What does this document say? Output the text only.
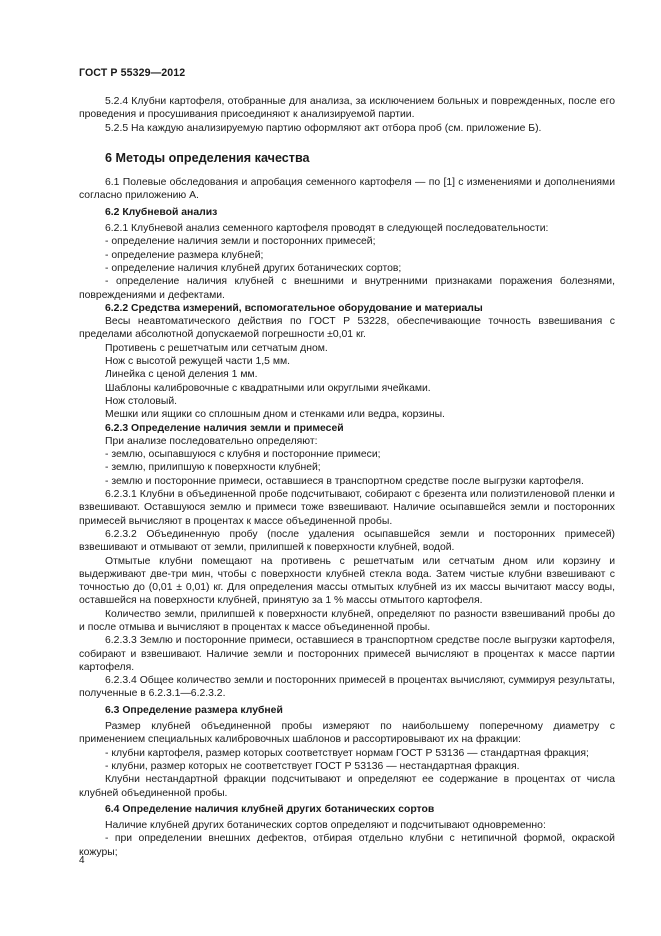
ГОСТ Р 55329—2012

5.2.4 Клубни картофеля, отобранные для анализа, за исключением больных и поврежденных, после его проведения и просушивания присоединяют к анализируемой партии.

5.2.5 На каждую анализируемую партию оформляют акт отбора проб (см. приложение Б).

6 Методы определения качества

6.1 Полевые обследования и апробация семенного картофеля — по [1] с изменениями и дополнениями согласно приложению А.

6.2 Клубневой анализ

6.2.1 Клубневой анализ семенного картофеля проводят в следующей последовательности:

- определение наличия земли и посторонних примесей;

- определение размера клубней;

- определение наличия клубней других ботанических сортов;

- определение наличия клубней с внешними и внутренними признаками поражения болезнями, повреждениями и дефектами.

6.2.2 Средства измерений, вспомогательное оборудование и материалы

Весы неавтоматического действия по ГОСТ Р 53228, обеспечивающие точность взвешивания с пределами абсолютной допускаемой погрешности ±0,01 кг.

Противень с решетчатым или сетчатым дном.

Нож с высотой режущей части 1,5 мм.

Линейка с ценой деления 1 мм.

Шаблоны калибровочные с квадратными или округлыми ячейками.

Нож столовый.

Мешки или ящики со сплошным дном и стенками или ведра, корзины.

6.2.3 Определение наличия земли и примесей

При анализе последовательно определяют:

- землю, осыпавшуюся с клубня и посторонние примеси;

- землю, прилипшую к поверхности клубней;

- землю и посторонние примеси, оставшиеся в транспортном средстве после выгрузки картофеля.

6.2.3.1 Клубни в объединенной пробе подсчитывают, собирают с брезента или полиэтиленовой пленки и взвешивают. Оставшуюся землю и примеси тоже взвешивают. Наличие осыпавшейся земли и посторонних примесей вычисляют в процентах к массе объединенной пробы.

6.2.3.2 Объединенную пробу (после удаления осыпавшейся земли и посторонних примесей) взвешивают и отмывают от земли, прилипшей к поверхности клубней, водой.

Отмытые клубни помещают на противень с решетчатым или сетчатым дном или корзину и выдерживают две-три мин, чтобы с поверхности клубней стекла вода. Затем чистые клубни взвешивают с точностью до (0,01 ± 0,01) кг. Для определения массы отмытых клубней из их массы вычитают массу воды, оставшейся на поверхности клубней, принятую за 1 % массы отмытого картофеля.

Количество земли, прилипшей к поверхности клубней, определяют по разности взвешиваний пробы до и после отмыва и вычисляют в процентах к массе объединенной пробы.

6.2.3.3 Землю и посторонние примеси, оставшиеся в транспортном средстве после выгрузки картофеля, собирают и взвешивают. Наличие земли и посторонних примесей вычисляют в процентах к массе партии картофеля.

6.2.3.4 Общее количество земли и посторонних примесей в процентах вычисляют, суммируя результаты, полученные в 6.2.3.1—6.2.3.2.

6.3 Определение размера клубней

Размер клубней объединенной пробы измеряют по наибольшему поперечному диаметру с применением специальных калибровочных шаблонов и рассортировывают их на фракции:

- клубни картофеля, размер которых соответствует нормам ГОСТ Р 53136 — стандартная фракция;

- клубни, размер которых не соответствует ГОСТ Р 53136 — нестандартная фракция.

Клубни нестандартной фракции подсчитывают и определяют ее содержание в процентах от числа клубней объединенной пробы.

6.4 Определение наличия клубней других ботанических сортов

Наличие клубней других ботанических сортов определяют и подсчитывают одновременно:

- при определении внешних дефектов, отбирая отдельно клубни с нетипичной формой, окраской кожуры;

4
